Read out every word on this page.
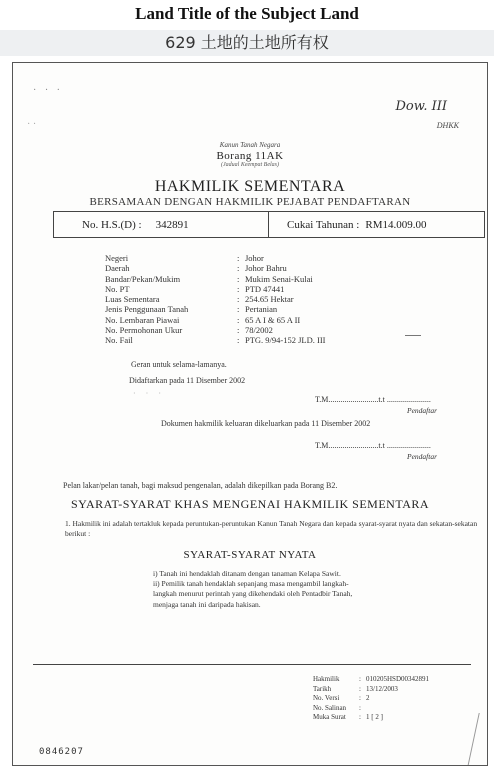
Land Title of the Subject Land
629 土地的土地所有权
· · ·
· ·
Dow. III
DHKK
Kanun Tanah Negara
Borang 11AK
(Jadual Keempat Belas)
HAKMILIK SEMENTARA
BERSAMAAN DENGAN HAKMILIK PEJABAT PENDAFTARAN
No. H.S.(D) : 342891	Cukai Tahunan : RM14.009.00
Negeri	: Johor
Daerah	: Johor Bahru
Bandar/Pekan/Mukim	: Mukim Senai-Kulai
No. PT	: PTD 47441
Luas Sementara	: 254.65 Hektar
Jenis Penggunaan Tanah	: Pertanian
No. Lembaran Piawai	: 65 A I & 65 A II
No. Permohonan Ukur	: 78/2002
No. Fail	: PTG. 9/94-152 JLD. III
Geran untuk selama-lamanya.
Didaftarkan pada 11 Disember 2002
· · ·
T.M.........................t.t ......................
Pendaftar
Dokumen hakmilik keluaran dikeluarkan pada 11 Disember 2002
T.M.........................t.t ......................
Pendaftar
Pelan lakar/pelan tanah, bagi maksud pengenalan, adalah dikepilkan pada Borang B2.
SYARAT-SYARAT KHAS MENGENAI HAKMILIK SEMENTARA
1. Hakmilik ini adalah tertakluk kepada peruntukan-peruntukan Kanun Tanah Negara dan kepada syarat-syarat nyata dan sekatan-sekatan berikut :
SYARAT-SYARAT NYATA
i) Tanah ini hendaklah ditanam dengan tanaman Kelapa Sawit.
ii) Pemilik tanah hendaklah sepanjang masa mengambil langkah-langkah menurut perintah yang dikehendaki oleh Pentadbir Tanah, menjaga tanah ini daripada hakisan.
Hakmilik	: 010205HSD00342891
Tarikh	: 13/12/2003
No. Versi	: 2
No. Salinan	:
Muka Surat	: 1 [ 2 ]
0846207
